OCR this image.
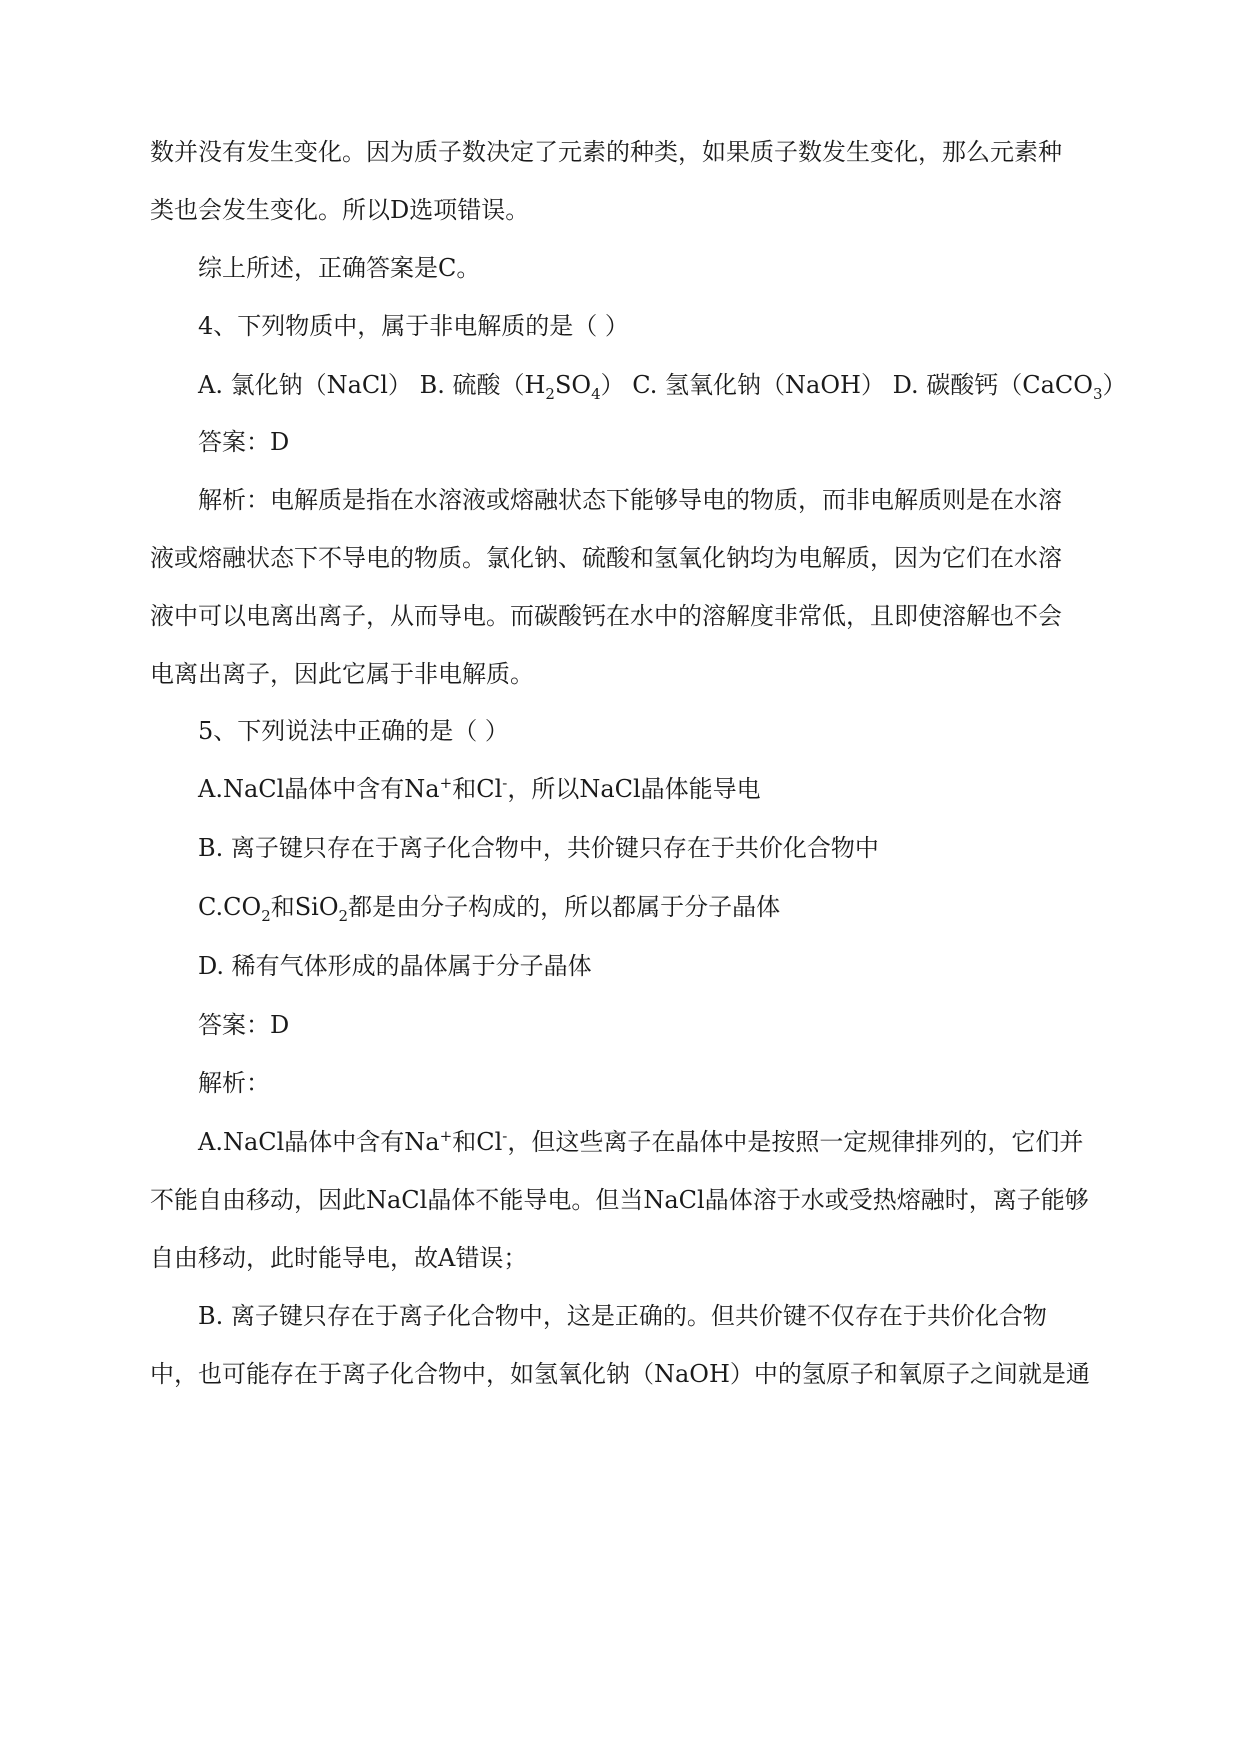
数并没有发生变化。因为质子数决定了元素的种类，如果质子数发生变化，那么元素种
类也会发生变化。所以D选项错误。
综上所述，正确答案是C。
4、下列物质中，属于非电解质的是（ ）
A. 氯化钠（NaCl） B. 硫酸$(H_2SO_4)$ C. 氢氧化钠（NaOH） D. 碳酸钙（CaCO$_3$）
答案：D
解析：电解质是指在水溶液或熔融状态下能够导电的物质，而非电解质则是在水溶
液或熔融状态下不导电的物质。氯化钠、硫酸和氢氧化钠均为电解质，因为它们在水溶
液中可以电离出离子，从而导电。而碳酸钙在水中的溶解度非常低，且即使溶解也不会
电离出离子，因此它属于非电解质。
5、下列说法中正确的是（ ）
A.NaCl晶体中含有Na+和Cl-，所以NaCl晶体能导电
B. 离子键只存在于离子化合物中，共价键只存在于共价化合物中
$C.CO_2$和SiO$_2$都是由分子构成的，所以都属于分子晶体
D. 稀有气体形成的晶体属于分子晶体
答案：D
解析：
A.NaCl晶体中含有Na+和Cl-，但这些离子在晶体中是按照一定规律排列的，它们并
不能自由移动，因此NaCl晶体不能导电。但当NaCl晶体溶于水或受热熔融时，离子能够
自由移动，此时能导电，故A错误；
B. 离子键只存在于离子化合物中，这是正确的。但共价键不仅存在于共价化合物
中，也可能存在于离子化合物中，如氢氧化钠（NaOH）中的氢原子和氧原子之间就是通
